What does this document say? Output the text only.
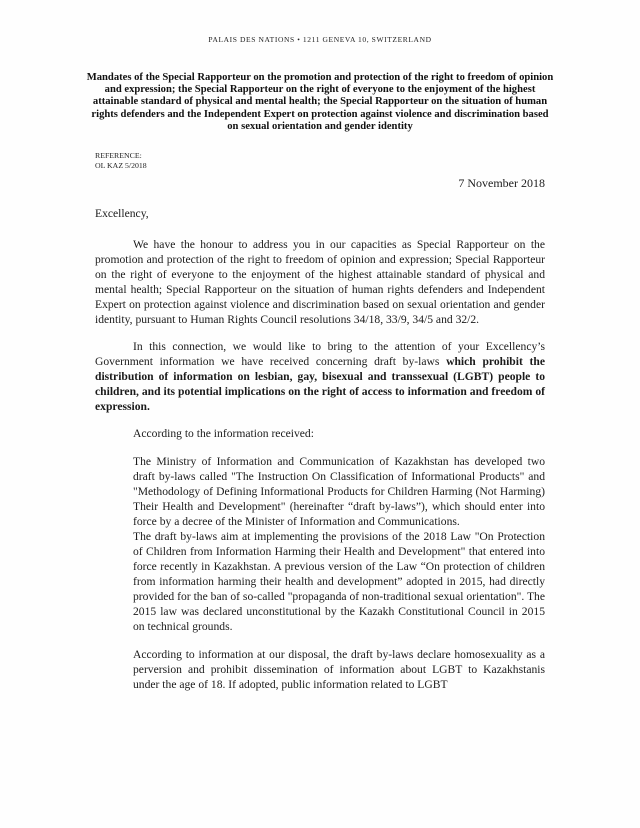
PALAIS DES NATIONS • 1211 GENEVA 10, SWITZERLAND
Mandates of the Special Rapporteur on the promotion and protection of the right to freedom of opinion and expression; the Special Rapporteur on the right of everyone to the enjoyment of the highest attainable standard of physical and mental health; the Special Rapporteur on the situation of human rights defenders and the Independent Expert on protection against violence and discrimination based on sexual orientation and gender identity
REFERENCE:
OL KAZ 5/2018
7 November 2018

Excellency,

We have the honour to address you in our capacities as Special Rapporteur on the promotion and protection of the right to freedom of opinion and expression; Special Rapporteur on the right of everyone to the enjoyment of the highest attainable standard of physical and mental health; Special Rapporteur on the situation of human rights defenders and Independent Expert on protection against violence and discrimination based on sexual orientation and gender identity, pursuant to Human Rights Council resolutions 34/18, 33/9, 34/5 and 32/2.

In this connection, we would like to bring to the attention of your Excellency’s Government information we have received concerning draft by-laws which prohibit the distribution of information on lesbian, gay, bisexual and transsexual (LGBT) people to children, and its potential implications on the right of access to information and freedom of expression.

According to the information received:

The Ministry of Information and Communication of Kazakhstan has developed two draft by-laws called "The Instruction On Classification of Informational Products" and "Methodology of Defining Informational Products for Children Harming (Not Harming) Their Health and Development" (hereinafter “draft by-laws”), which should enter into force by a decree of the Minister of Information and Communications.

The draft by-laws aim at implementing the provisions of the 2018 Law "On Protection of Children from Information Harming their Health and Development" that entered into force recently in Kazakhstan. A previous version of the Law “On protection of children from information harming their health and development” adopted in 2015, had directly provided for the ban of so-called "propaganda of non-traditional sexual orientation". The 2015 law was declared unconstitutional by the Kazakh Constitutional Council in 2015 on technical grounds.

According to information at our disposal, the draft by-laws declare homosexuality as a perversion and prohibit dissemination of information about LGBT to Kazakhstanis under the age of 18. If adopted, public information related to LGBT
